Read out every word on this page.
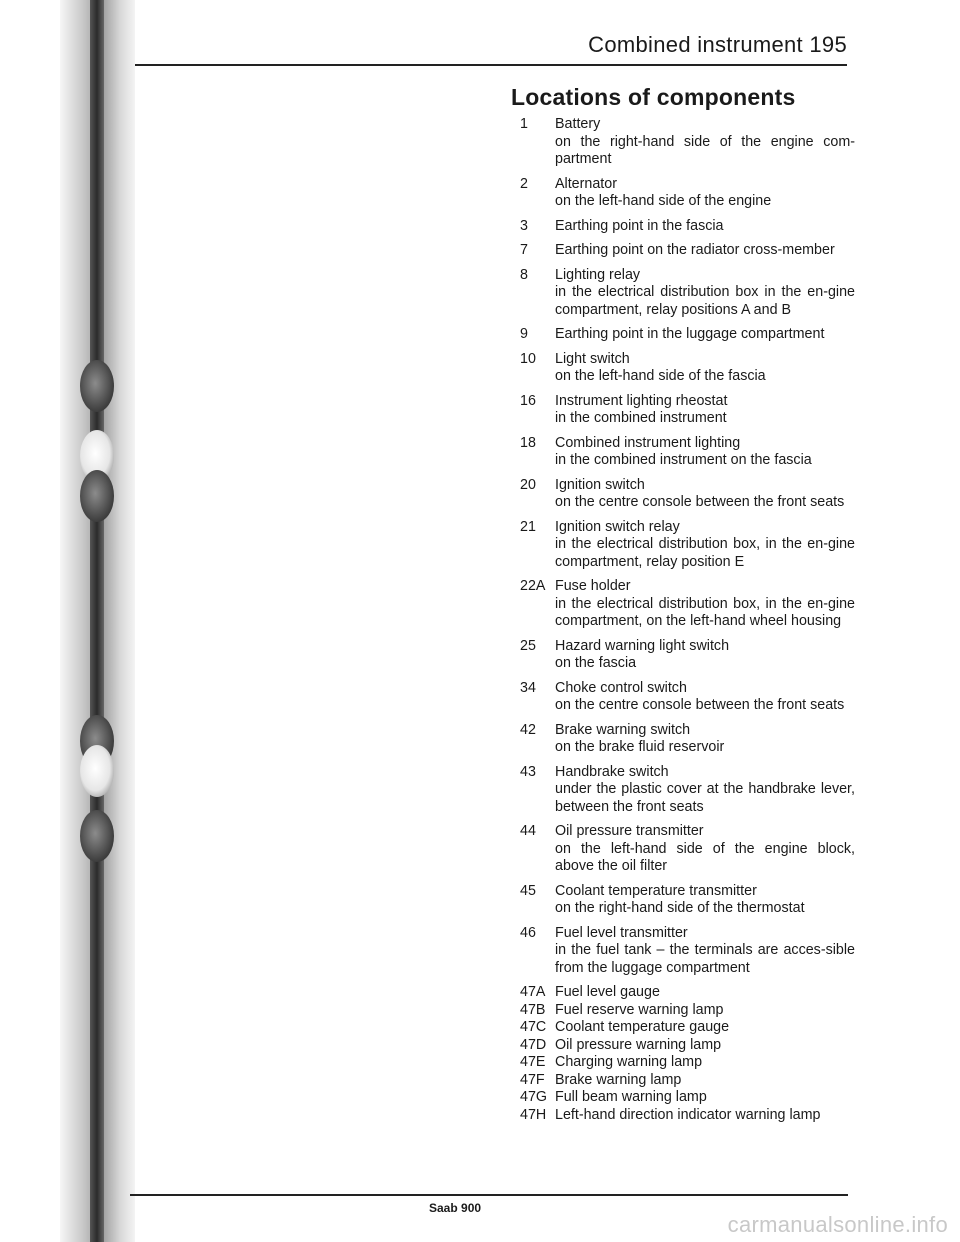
Combined instrument 195
Locations of components
1	Battery
on the right-hand side of the engine com-partment
2	Alternator
on the left-hand side of the engine
3	Earthing point in the fascia
7	Earthing point on the radiator cross-member
8	Lighting relay
in the electrical distribution box in the en-gine compartment, relay positions A and B
9	Earthing point in the luggage compartment
10	Light switch
on the left-hand side of the fascia
16	Instrument lighting rheostat
in the combined instrument
18	Combined instrument lighting
in the combined instrument on the fascia
20	Ignition switch
on the centre console between the front seats
21	Ignition switch relay
in the electrical distribution box, in the en-gine compartment, relay position E
22A Fuse holder
in the electrical distribution box, in the en-gine compartment, on the left-hand wheel housing
25	Hazard warning light switch
on the fascia
34	Choke control switch
on the centre console between the front seats
42	Brake warning switch
on the brake fluid reservoir
43	Handbrake switch
under the plastic cover at the handbrake lever, between the front seats
44	Oil pressure transmitter
on the left-hand side of the engine block, above the oil filter
45	Coolant temperature transmitter
on the right-hand side of the thermostat
46	Fuel level transmitter
in the fuel tank – the terminals are acces-sible from the luggage compartment
47A Fuel level gauge
47B Fuel reserve warning lamp
47C Coolant temperature gauge
47D Oil pressure warning lamp
47E Charging warning lamp
47F Brake warning lamp
47G Full beam warning lamp
47H Left-hand direction indicator warning lamp
Saab 900
carmanualsonline.info
